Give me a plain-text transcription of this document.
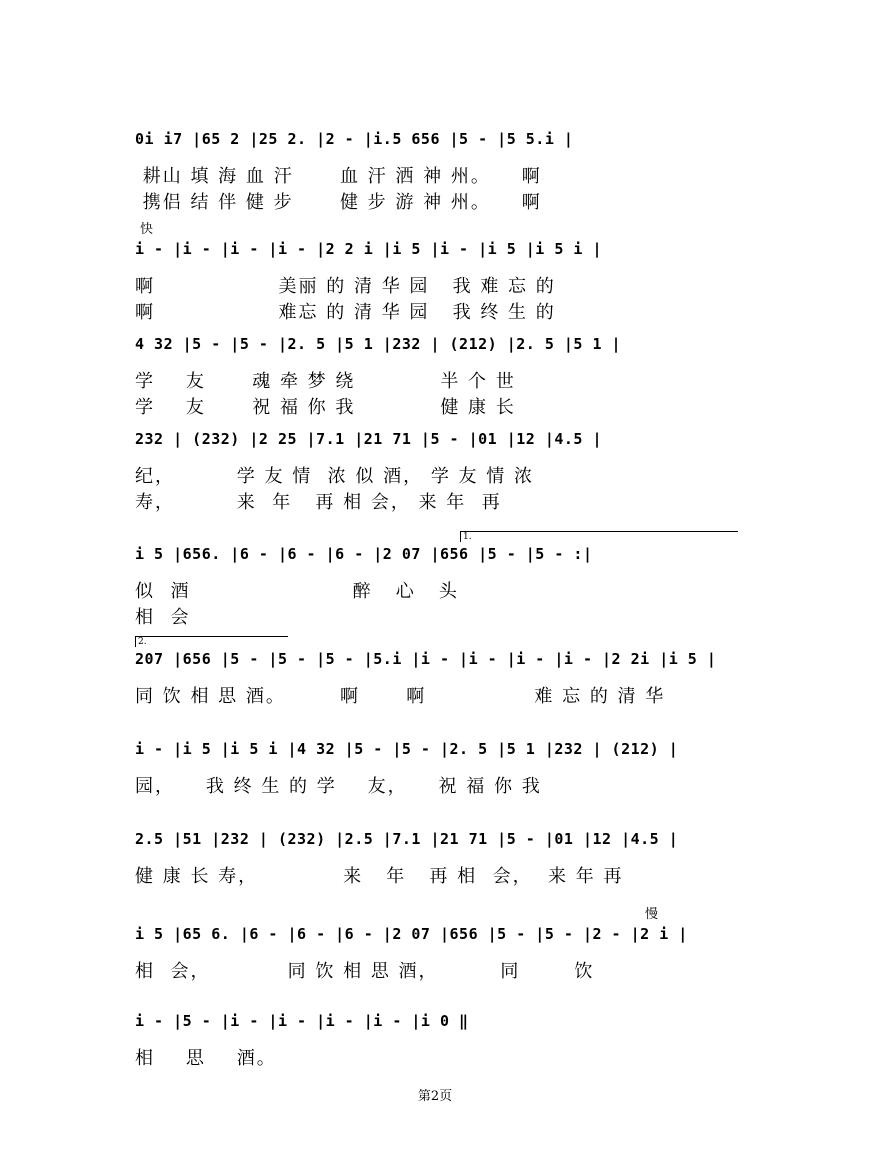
0i i7 |65 2 |25 2. |2 - |i.5 656 |5 - |5 5.i |
耕山 填 海 血 汗      血 汗 洒 神 州。    啊
携侣 结 伴 健 步      健 步 游 神 州。    啊
快
i - |i - |i - |i - |2 2 i |i 5 |i - |i 5 |i 5 i |
啊                美丽 的 清 华 园   我 难 忘 的
啊                难忘 的 清 华 园   我 终 生 的
4 32 |5 - |5 - |2. 5 |5 1 |232 | (212) |2. 5 |5 1 |
学    友      魂 牵 梦 绕           半 个 世
学    友      祝 福 你 我           健 康 长
232 | (232) |2 25 |7.1 |21 71 |5 - |01 |12 |4.5 |
纪，        学 友 情  浓 似 酒， 学 友 情 浓
寿，        来  年   再 相 会， 来 年  再
1.
i 5 |656. |6 - |6 - |6 - |2 07 |656 |5 - |5 - :|
似  酒                     醉   心   头
相  会
2.
207 |656 |5 - |5 - |5 - |5.i |i - |i - |i - |i - |2 2i |i 5 |
同 饮 相 思 酒。       啊      啊              难 忘 的 清 华
i - |i 5 |i 5 i |4 32 |5 - |5 - |2. 5 |5 1 |232 | (212) |
园，    我 终 生 的 学    友，    祝 福 你 我
2.5 |51 |232 | (232) |2.5 |7.1 |21 71 |5 - |01 |12 |4.5 |
健 康 长 寿，           来   年   再 相  会，  来 年 再
慢
i 5 |65 6. |6 - |6 - |6 - |2 07 |656 |5 - |5 - |2 - |2 i |
相  会，          同 饮 相 思 酒，        同       饮
i - |5 - |i - |i - |i - |i - |i 0 ‖
相    思    酒。
第2页
